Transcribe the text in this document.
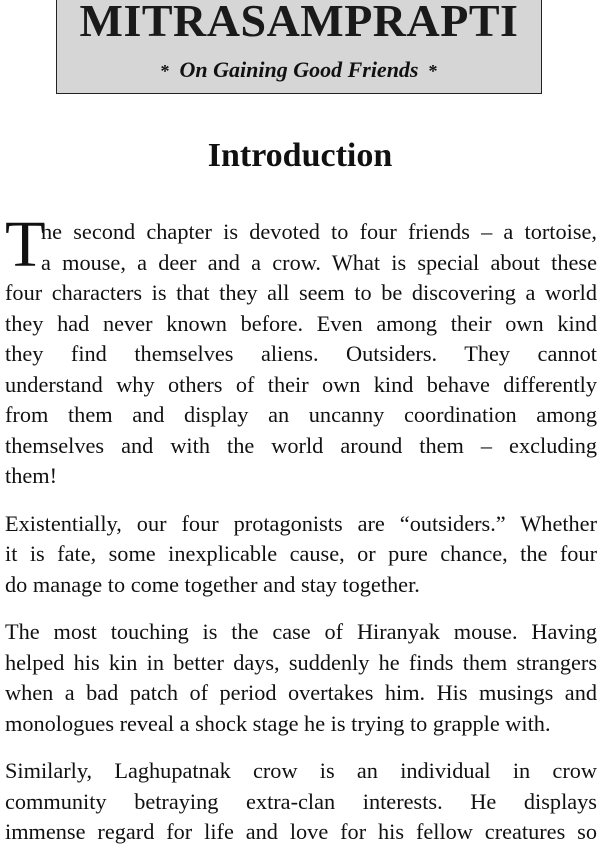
MITRASAMPRAPTI
* On Gaining Good Friends *
Introduction
T
he second chapter is devoted to four friends – a tortoise,
a mouse, a deer and a crow. What is special about these
four characters is that they all seem to be discovering a world
they had never known before. Even among their own kind
they find themselves aliens. Outsiders. They cannot
understand why others of their own kind behave differently
from them and display an uncanny coordination among
themselves and with the world around them – excluding
them!
Existentially, our four protagonists are “outsiders.” Whether
it is fate, some inexplicable cause, or pure chance, the four
do manage to come together and stay together.
The most touching is the case of Hiranyak mouse. Having
helped his kin in better days, suddenly he finds them strangers
when a bad patch of period overtakes him. His musings and
monologues reveal a shock stage he is trying to grapple with.
Similarly, Laghupatnak crow is an individual in crow
community betraying extra-clan interests. He displays
immense regard for life and love for his fellow creatures so
